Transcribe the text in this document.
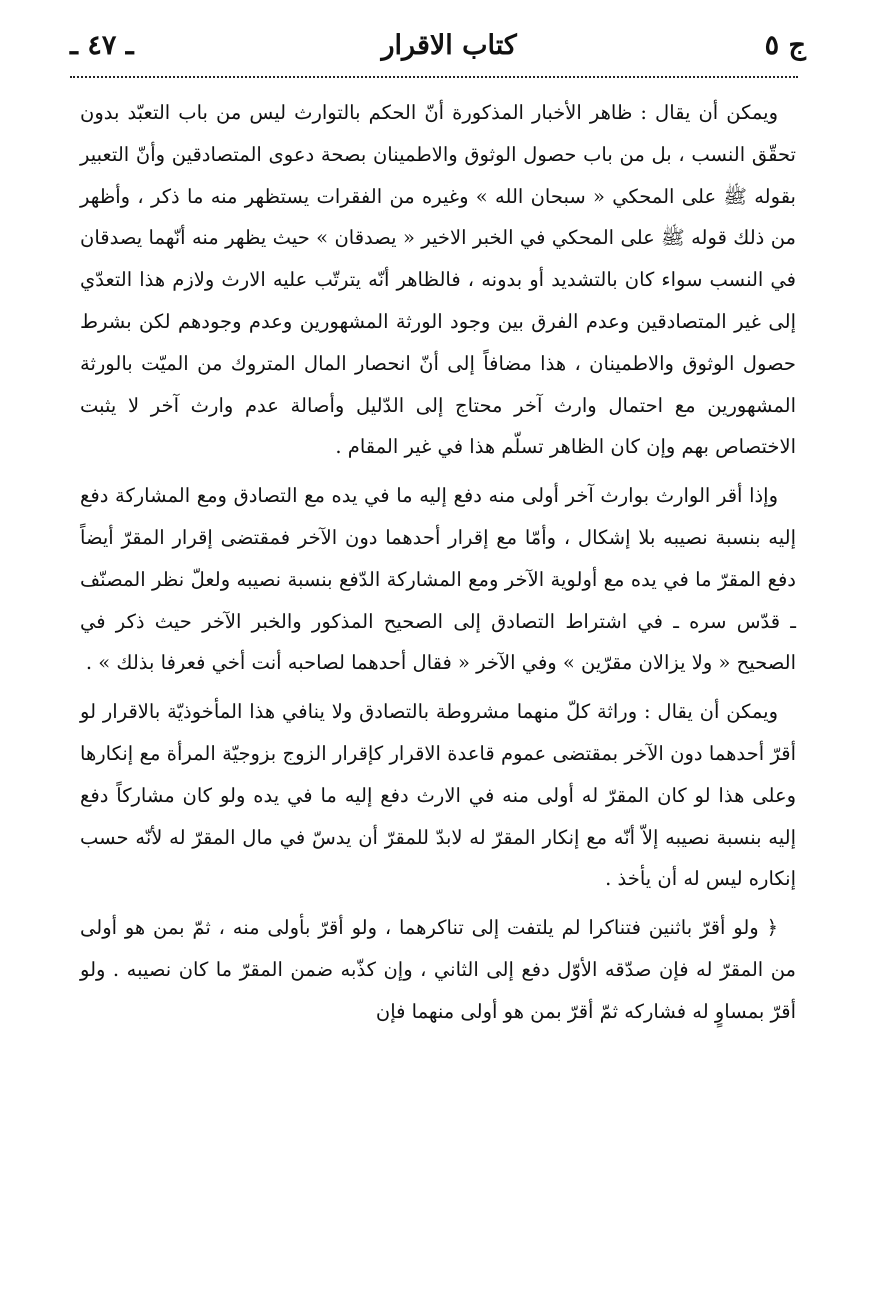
ج ٥
كتاب الاقرار
ـ ٤٧ ـ

ويمكن أن يقال : ظاهر الأخبار المذكورة أنّ الحكم بالتوارث ليس من باب التعبّد بدون تحقّق النسب ، بل من باب حصول الوثوق والاطمينان بصحة دعوى المتصادقين وأنّ التعبير بقوله ﷺ على المحكي « سبحان الله » وغيره من الفقرات يستظهر منه ما ذكر ، وأظهر من ذلك قوله ﷺ على المحكي في الخبر الاخير « يصدقان » حيث يظهر منه أنّهما يصدقان في النسب سواء كان بالتشديد أو بدونه ، فالظاهر أنّه يترتّب عليه الارث ولازم هذا التعدّي إلى غير المتصادقين وعدم الفرق بين وجود الورثة المشهورين وعدم وجودهم لكن بشرط حصول الوثوق والاطمينان ، هذا مضافاً إلى أنّ انحصار المال المتروك من الميّت بالورثة المشهورين مع احتمال وارث آخر محتاج إلى الدّليل وأصالة عدم وارث آخر لا يثبت الاختصاص بهم وإن كان الظاهر تسلّم هذا في غير المقام .

وإذا أقر الوارث بوارث آخر أولى منه دفع إليه ما في يده مع التصادق ومع المشاركة دفع إليه بنسبة نصيبه بلا إشكال ، وأمّا مع إقرار أحدهما دون الآخر فمقتضى إقرار المقرّ أيضاً دفع المقرّ ما في يده مع أولوية الآخر ومع المشاركة الدّفع بنسبة نصيبه ولعلّ نظر المصنّف ـ قدّس سره ـ في اشتراط التصادق إلى الصحيح المذكور والخبر الآخر حيث ذكر في الصحيح « ولا يزالان مقرّين » وفي الآخر « فقال أحدهما لصاحبه أنت أخي فعرفا بذلك » .

ويمكن أن يقال : وراثة كلّ منهما مشروطة بالتصادق ولا ينافي هذا المأخوذيّة بالاقرار لو أقرّ أحدهما دون الآخر بمقتضى عموم قاعدة الاقرار كإقرار الزوج بزوجيّة المرأة مع إنكارها وعلى هذا لو كان المقرّ له أولى منه في الارث دفع إليه ما في يده ولو كان مشاركاً دفع إليه بنسبة نصيبه إلاّ أنّه مع إنكار المقرّ له لابدّ للمقرّ أن يدسّ في مال المقرّ له لأنّه حسب إنكاره ليس له أن يأخذ .

﴿ ولو أقرّ باثنين فتناكرا لم يلتفت إلى تناكرهما ، ولو أقرّ بأولى منه ، ثمّ بمن هو أولى من المقرّ له فإن صدّقه الأوّل دفع إلى الثاني ، وإن كذّبه ضمن المقرّ ما كان نصيبه . ولو أقرّ بمساوٍ له فشاركه ثمّ أقرّ بمن هو أولى منهما فإن
